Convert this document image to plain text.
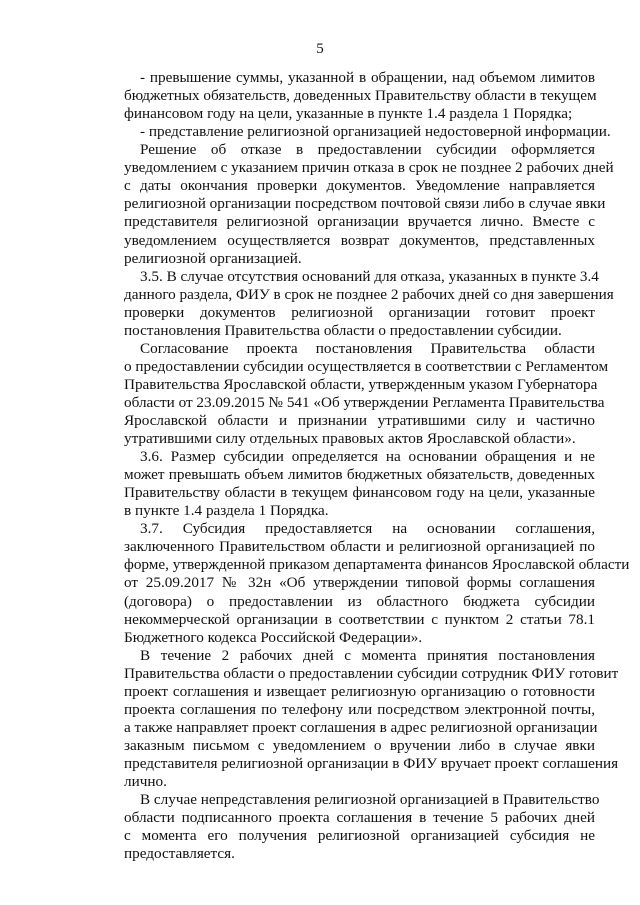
5
- превышение суммы, указанной в обращении, над объемом лимитов
бюджетных обязательств, доведенных Правительству области в текущем
финансовом году на цели, указанные в пункте 1.4 раздела 1 Порядка;
- представление религиозной организацией недостоверной информации.
Решение об отказе в предоставлении субсидии оформляется
уведомлением с указанием причин отказа в срок не позднее 2 рабочих дней
с даты окончания проверки документов. Уведомление направляется
религиозной организации посредством почтовой связи либо в случае явки
представителя религиозной организации вручается лично. Вместе с
уведомлением осуществляется возврат документов, представленных
религиозной организацией.
3.5. В случае отсутствия оснований для отказа, указанных в пункте 3.4
данного раздела, ФИУ в срок не позднее 2 рабочих дней со дня завершения
проверки документов религиозной организации готовит проект
постановления Правительства области о предоставлении субсидии.
Согласование проекта постановления Правительства области
о предоставлении субсидии осуществляется в соответствии с Регламентом
Правительства Ярославской области, утвержденным указом Губернатора
области от 23.09.2015 № 541 «Об утверждении Регламента Правительства
Ярославской области и признании утратившими силу и частично
утратившими силу отдельных правовых актов Ярославской области».
3.6. Размер субсидии определяется на основании обращения и не
может превышать объем лимитов бюджетных обязательств, доведенных
Правительству области в текущем финансовом году на цели, указанные
в пункте 1.4 раздела 1 Порядка.
3.7. Субсидия предоставляется на основании соглашения,
заключенного Правительством области и религиозной организацией по
форме, утвержденной приказом департамента финансов Ярославской области
от 25.09.2017 № 32н «Об утверждении типовой формы соглашения
(договора) о предоставлении из областного бюджета субсидии
некоммерческой организации в соответствии с пунктом 2 статьи 78.1
Бюджетного кодекса Российской Федерации».
В течение 2 рабочих дней с момента принятия постановления
Правительства области о предоставлении субсидии сотрудник ФИУ готовит
проект соглашения и извещает религиозную организацию о готовности
проекта соглашения по телефону или посредством электронной почты,
а также направляет проект соглашения в адрес религиозной организации
заказным письмом с уведомлением о вручении либо в случае явки
представителя религиозной организации в ФИУ вручает проект соглашения
лично.
В случае непредставления религиозной организацией в Правительство
области подписанного проекта соглашения в течение 5 рабочих дней
с момента его получения религиозной организацией субсидия не
предоставляется.
